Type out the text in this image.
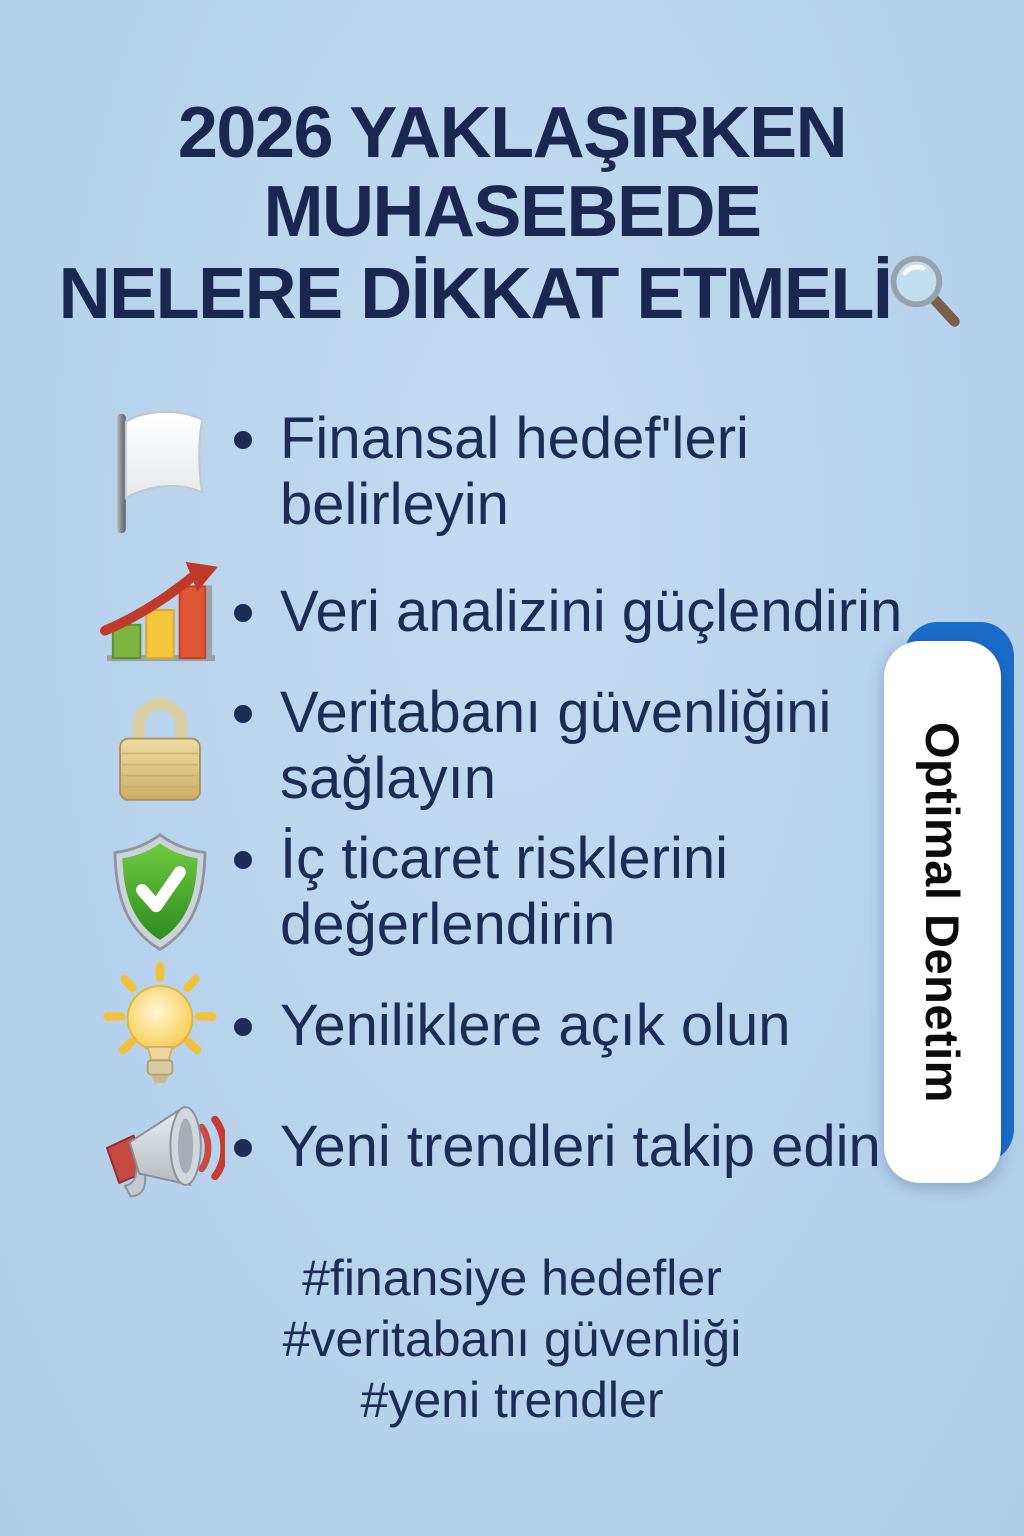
2026 YAKLAŞIRKEN
MUHASEBEDE
NELERE DİKKAT ETMELİ
Finansal hedef'leri belirleyin
Veri analizini güçlendirin
Veritabanı güvenliğini sağlayın
İç ticaret risklerini değerlendirin
Yeniliklere açık olun
Yeni trendleri takip edin
Optimal Denetim
#finansiye hedefler
#veritabanı güvenliği
#yeni trendler
